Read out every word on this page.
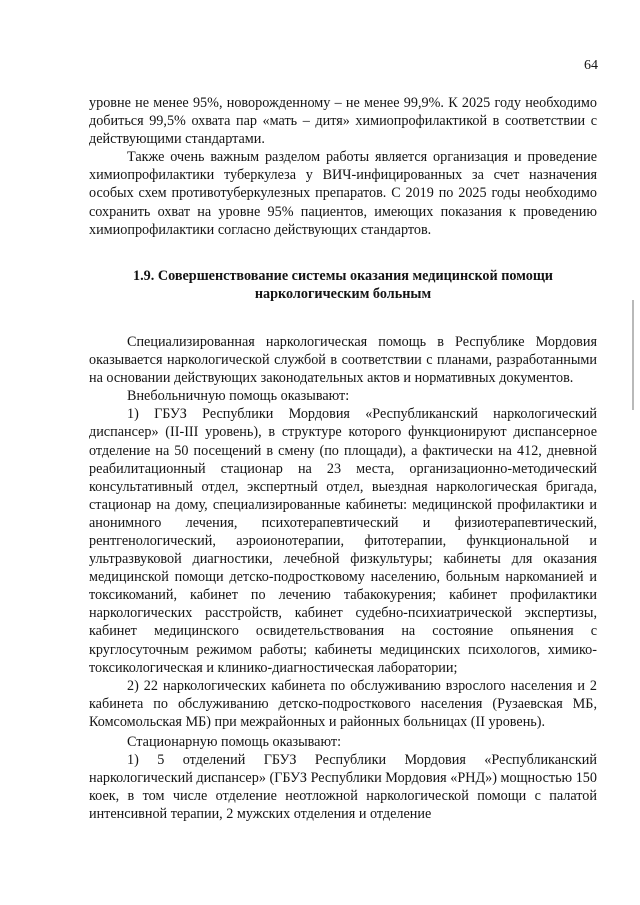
64

уровне не менее 95%, новорожденному – не менее 99,9%. К 2025 году необходимо добиться 99,5% охвата пар «мать – дитя» химиопрофилактикой в соответствии с действующими стандартами.

Также очень важным разделом работы является организация и проведение химиопрофилактики туберкулеза у ВИЧ-инфицированных за счет назначения особых схем противотуберкулезных препаратов. С 2019 по 2025 годы необходимо сохранить охват на уровне 95% пациентов, имеющих показания к проведению химиопрофилактики согласно действующих стандартов.

1.9. Совершенствование системы оказания медицинской помощи наркологическим больным

Специализированная наркологическая помощь в Республике Мордовия оказывается наркологической службой в соответствии с планами, разработанными на основании действующих законодательных актов и нормативных документов.

Внебольничную помощь оказывают:

1) ГБУЗ Республики Мордовия «Республиканский наркологический диспансер» (II-III уровень), в структуре которого функционируют диспансерное отделение на 50 посещений в смену (по площади), а фактически на 412, дневной реабилитационный стационар на 23 места, организационно-методический консультативный отдел, экспертный отдел, выездная наркологическая бригада, стационар на дому, специализированные кабинеты: медицинской профилактики и анонимного лечения, психотерапевтический и физиотерапевтический, рентгенологический, аэроионотерапии, фитотерапии, функциональной и ультразвуковой диагностики, лечебной физкультуры; кабинеты для оказания медицинской помощи детско-подростковому населению, больным наркоманией и токсикоманий, кабинет по лечению табакокурения; кабинет профилактики наркологических расстройств, кабинет судебно-психиатрической экспертизы, кабинет медицинского освидетельствования на состояние опьянения с круглосуточным режимом работы; кабинеты медицинских психологов, химико-токсикологическая и клинико-диагностическая лаборатории;

2) 22 наркологических кабинета по обслуживанию взрослого населения и 2 кабинета по обслуживанию детско-подросткового населения (Рузаевская МБ, Комсомольская МБ) при межрайонных и районных больницах (II уровень).

Стационарную помощь оказывают:

1) 5 отделений ГБУЗ Республики Мордовия «Республиканский наркологический диспансер» (ГБУЗ Республики Мордовия «РНД») мощностью 150 коек, в том числе отделение неотложной наркологической помощи с палатой интенсивной терапии, 2 мужских отделения и отделение
